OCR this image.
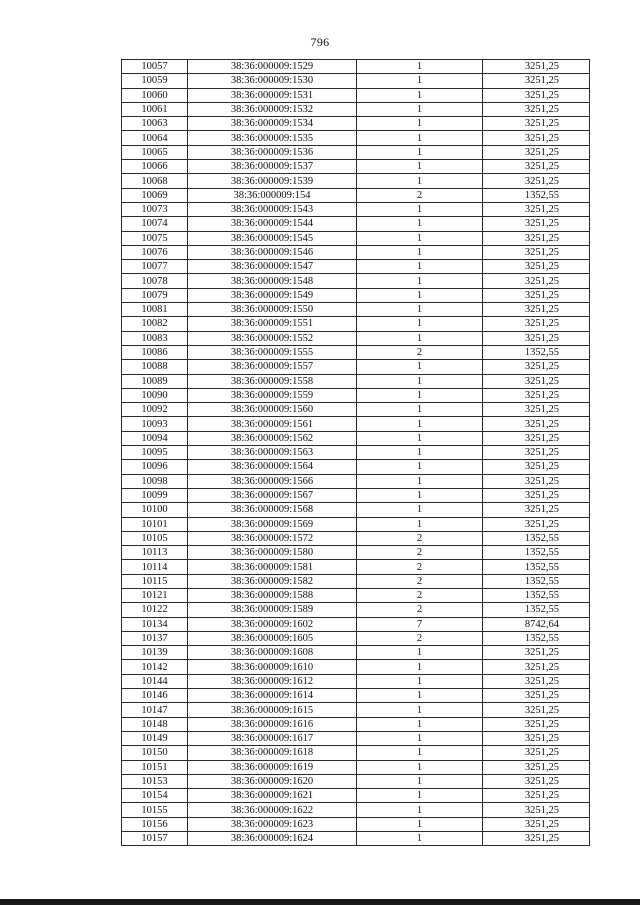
796
10057	38:36:000009:1529	1	3251,25
10059	38:36:000009:1530	1	3251,25
10060	38:36:000009:1531	1	3251,25
10061	38:36:000009:1532	1	3251,25
10063	38:36:000009:1534	1	3251,25
10064	38:36:000009:1535	1	3251,25
10065	38:36:000009:1536	1	3251,25
10066	38:36:000009:1537	1	3251,25
10068	38:36:000009:1539	1	3251,25
10069	38:36:000009:154	2	1352,55
10073	38:36:000009:1543	1	3251,25
10074	38:36:000009:1544	1	3251,25
10075	38:36:000009:1545	1	3251,25
10076	38:36:000009:1546	1	3251,25
10077	38:36:000009:1547	1	3251,25
10078	38:36:000009:1548	1	3251,25
10079	38:36:000009:1549	1	3251,25
10081	38:36:000009:1550	1	3251,25
10082	38:36:000009:1551	1	3251,25
10083	38:36:000009:1552	1	3251,25
10086	38:36:000009:1555	2	1352,55
10088	38:36:000009:1557	1	3251,25
10089	38:36:000009:1558	1	3251,25
10090	38:36:000009:1559	1	3251,25
10092	38:36:000009:1560	1	3251,25
10093	38:36:000009:1561	1	3251,25
10094	38:36:000009:1562	1	3251,25
10095	38:36:000009:1563	1	3251,25
10096	38:36:000009:1564	1	3251,25
10098	38:36:000009:1566	1	3251,25
10099	38:36:000009:1567	1	3251,25
10100	38:36:000009:1568	1	3251,25
10101	38:36:000009:1569	1	3251,25
10105	38:36:000009:1572	2	1352,55
10113	38:36:000009:1580	2	1352,55
10114	38:36:000009:1581	2	1352,55
10115	38:36:000009:1582	2	1352,55
10121	38:36:000009:1588	2	1352,55
10122	38:36:000009:1589	2	1352,55
10134	38:36:000009:1602	7	8742,64
10137	38:36:000009:1605	2	1352,55
10139	38:36:000009:1608	1	3251,25
10142	38:36:000009:1610	1	3251,25
10144	38:36:000009:1612	1	3251,25
10146	38:36:000009:1614	1	3251,25
10147	38:36:000009:1615	1	3251,25
10148	38:36:000009:1616	1	3251,25
10149	38:36:000009:1617	1	3251,25
10150	38:36:000009:1618	1	3251,25
10151	38:36:000009:1619	1	3251,25
10153	38:36:000009:1620	1	3251,25
10154	38:36:000009:1621	1	3251,25
10155	38:36:000009:1622	1	3251,25
10156	38:36:000009:1623	1	3251,25
10157	38:36:000009:1624	1	3251,25
